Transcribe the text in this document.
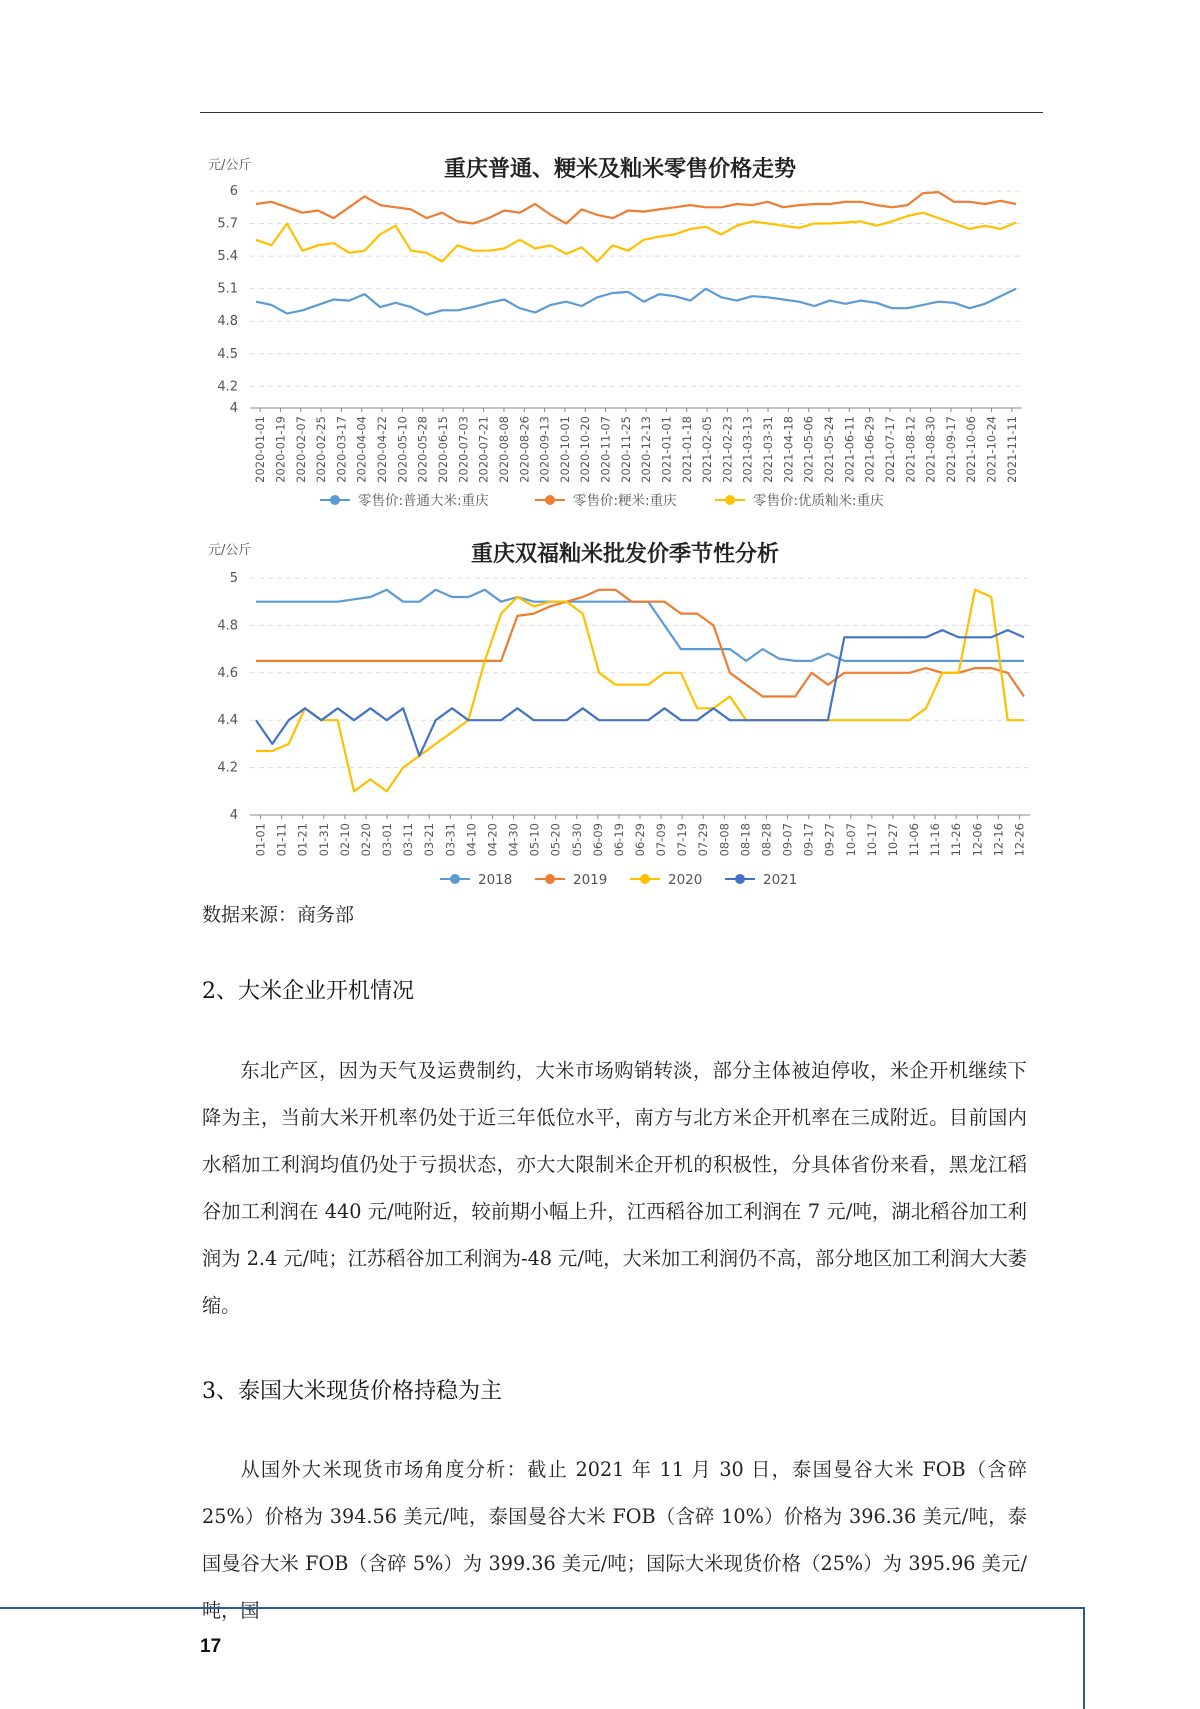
重庆普通、粳米及籼米零售价格走势
元/公斤
6
5.7
5.4
5.1
4.8
4.5
4.2
4
2020-01-01 2020-01-19 2020-02-07 2020-02-25 2020-03-17 2020-04-04 2020-04-22 2020-05-10 2020-05-28 2020-06-15 2020-07-03 2020-07-21 2020-08-08 2020-08-26 2020-09-13 2020-10-01 2020-10-20 2020-11-07 2020-11-25 2020-12-13 2021-01-01 2021-01-18 2021-02-05 2021-02-23 2021-03-13 2021-03-31 2021-04-18 2021-05-06 2021-05-24 2021-06-11 2021-06-29 2021-07-17 2021-08-12 2021-08-30 2021-09-17 2021-10-06 2021-10-24 2021-11-11
零售价:普通大米:重庆	零售价:粳米:重庆	零售价:优质籼米:重庆
重庆双福籼米批发价季节性分析
元/公斤
5
4.8
4.6
4.4
4.2
4
01-01 01-11 01-21 01-31 02-10 02-20 03-01 03-11 03-21 03-31 04-10 04-20 04-30 05-10 05-20 05-30 06-09 06-19 06-29 07-09 07-19 07-29 08-08 08-18 08-28 09-07 09-17 09-27 10-07 10-17 10-27 11-06 11-16 11-26 12-06 12-16 12-26
2018	2019	2020	2021
数据来源：商务部
2、大米企业开机情况
东北产区，因为天气及运费制约，大米市场购销转淡，部分主体被迫停收，米企开机继续下降为主，当前大米开机率仍处于近三年低位水平，南方与北方米企开机率在三成附近。目前国内水稻加工利润均值仍处于亏损状态，亦大大限制米企开机的积极性，分具体省份来看，黑龙江稻谷加工利润在 440 元/吨附近，较前期小幅上升，江西稻谷加工利润在 7 元/吨，湖北稻谷加工利润为 2.4 元/吨；江苏稻谷加工利润为-48 元/吨，大米加工利润仍不高，部分地区加工利润大大萎缩。
3、泰国大米现货价格持稳为主
从国外大米现货市场角度分析：截止 2021 年 11 月 30 日，泰国曼谷大米 FOB（含碎 25%）价格为 394.56 美元/吨，泰国曼谷大米 FOB（含碎 10%）价格为 396.36 美元/吨，泰国曼谷大米 FOB（含碎 5%）为 399.36 美元/吨；国际大米现货价格（25%）为 395.96 美元/吨，国
17
